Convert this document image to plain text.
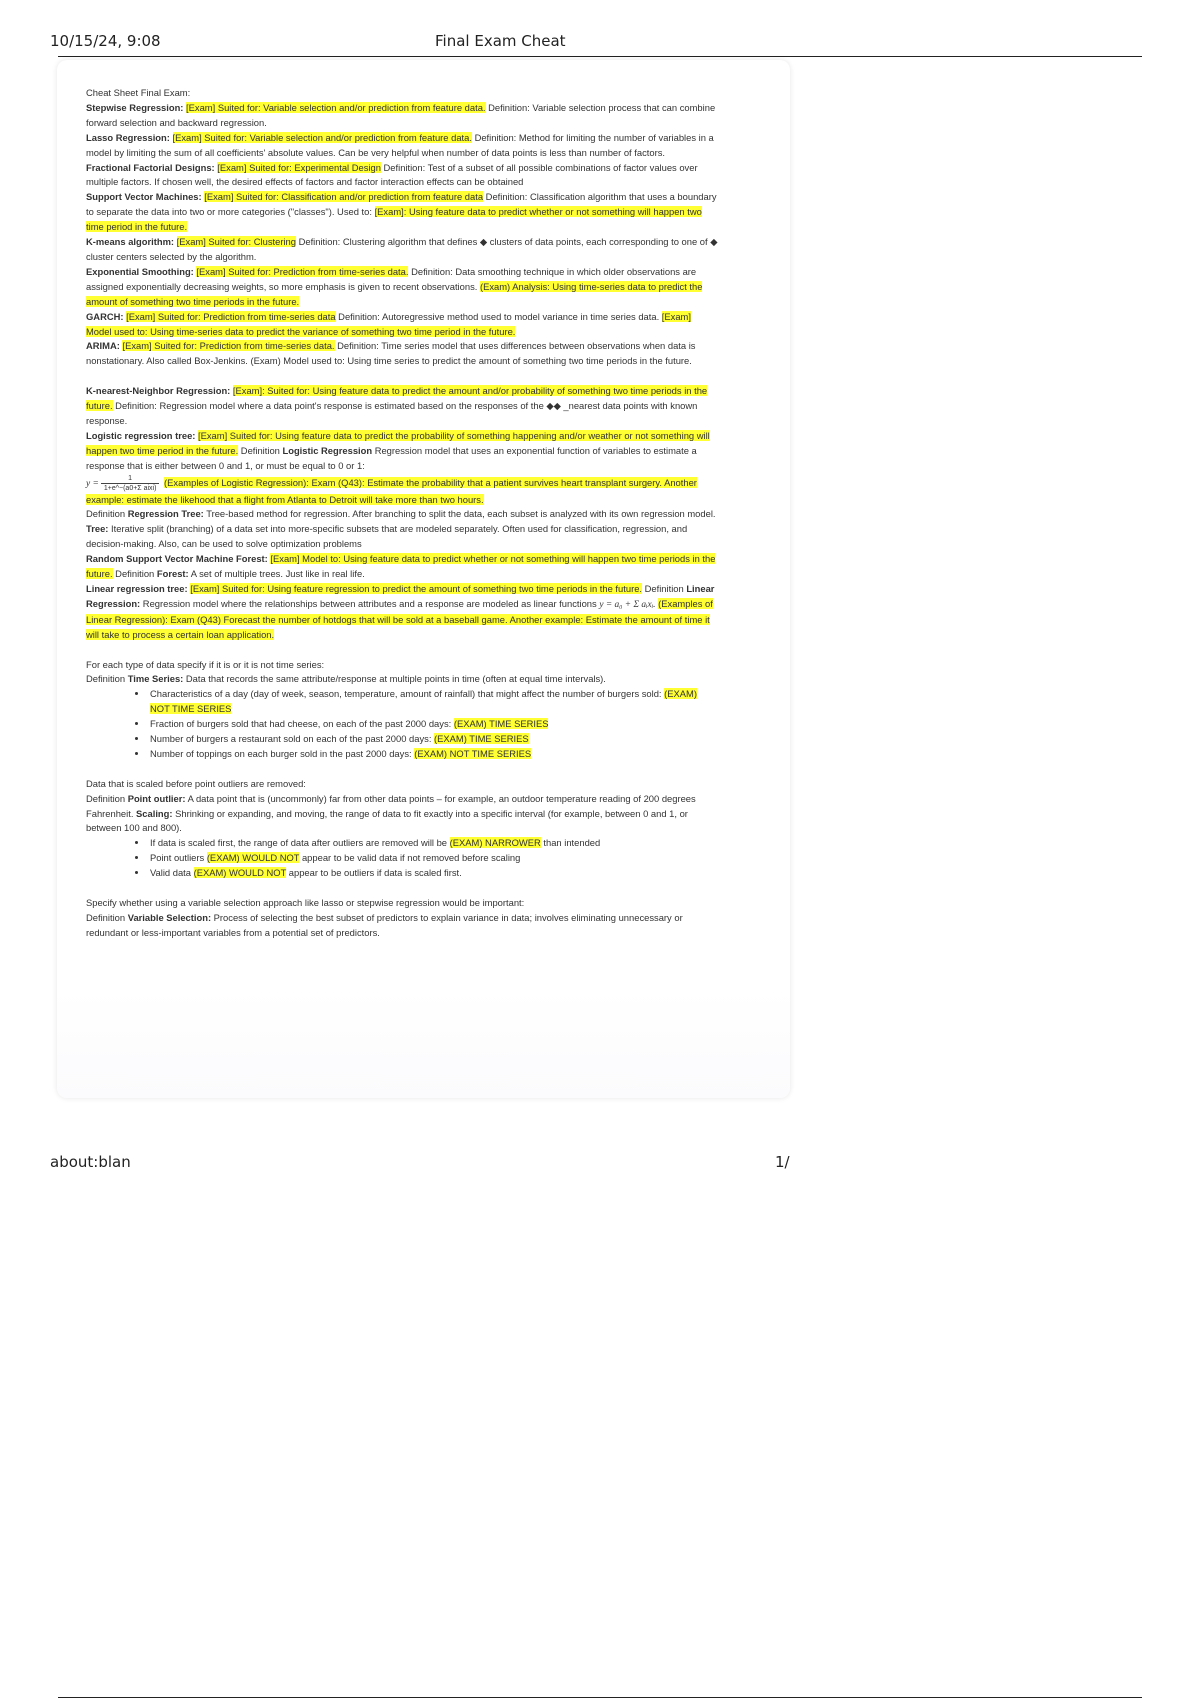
10/15/24, 9:08	Final Exam Cheat

Cheat Sheet Final Exam:

Stepwise Regression: [Exam] Suited for: Variable selection and/or prediction from feature data. Definition: Variable selection process that can combine forward selection and backward regression.

Lasso Regression: [Exam] Suited for: Variable selection and/or prediction from feature data. Definition: Method for limiting the number of variables in a model by limiting the sum of all coefficients' absolute values. Can be very helpful when number of data points is less than number of factors.

Fractional Factorial Designs: [Exam] Suited for: Experimental Design Definition: Test of a subset of all possible combinations of factor values over multiple factors. If chosen well, the desired effects of factors and factor interaction effects can be obtained

Support Vector Machines: [Exam] Suited for: Classification and/or prediction from feature data Definition: Classification algorithm that uses a boundary to separate the data into two or more categories ("classes"). Used to: [Exam]: Using feature data to predict whether or not something will happen two time period in the future.

K-means algorithm: [Exam] Suited for: Clustering Definition: Clustering algorithm that defines ◆ clusters of data points, each corresponding to one of ◆ cluster centers selected by the algorithm.

Exponential Smoothing: [Exam] Suited for: Prediction from time-series data. Definition: Data smoothing technique in which older observations are assigned exponentially decreasing weights, so more emphasis is given to recent observations. (Exam) Analysis: Using time-series data to predict the amount of something two time periods in the future.

GARCH: [Exam] Suited for: Prediction from time-series data Definition: Autoregressive method used to model variance in time series data. [Exam] Model used to: Using time-series data to predict the variance of something two time period in the future.

ARIMA: [Exam] Suited for: Prediction from time-series data. Definition: Time series model that uses differences between observations when data is nonstationary. Also called Box-Jenkins. (Exam) Model used to: Using time series to predict the amount of something two time periods in the future.

K-nearest-Neighbor Regression: [Exam]: Suited for: Using feature data to predict the amount and/or probability of something two time periods in the future. Definition: Regression model where a data point's response is estimated based on the responses of the ◆◆ _nearest data points with known response.

Logistic regression tree: [Exam] Suited for: Using feature data to predict the probability of something happening and/or weather or not something will happen two time period in the future. Definition Logistic Regression Regression model that uses an exponential function of variables to estimate a response that is either between 0 and 1, or must be equal to 0 or 1:

$y = \frac{1}{\text{1+e\textasciicircum{}−(a0+Σ aixi)}}$ (Examples of Logistic Regression): Exam (Q43): Estimate the probability that a patient survives heart transplant surgery. Another example: estimate the likehood that a flight from Atlanta to Detroit will take more than two hours.

Definition Regression Tree: Tree-based method for regression. After branching to split the data, each subset is analyzed with its own regression model. Tree: Iterative split (branching) of a data set into more-specific subsets that are modeled separately. Often used for classification, regression, and decision-making. Also, can be used to solve optimization problems

Random Support Vector Machine Forest: [Exam] Model to: Using feature data to predict whether or not something will happen two time periods in the future. Definition Forest: A set of multiple trees. Just like in real life.

Linear regression tree: [Exam] Suited for: Using feature regression to predict the amount of something two time periods in the future. Definition Linear Regression: Regression model where the relationships between attributes and a response are modeled as linear functions y = a₀ + Σ aᵢxᵢ. (Examples of Linear Regression): Exam (Q43) Forecast the number of hotdogs that will be sold at a baseball game. Another example: Estimate the amount of time it will take to process a certain loan application.

For each type of data specify if it is or it is not time series:

Definition Time Series: Data that records the same attribute/response at multiple points in time (often at equal time intervals).

• Characteristics of a day (day of week, season, temperature, amount of rainfall) that might affect the number of burgers sold: (EXAM) NOT TIME SERIES
• Fraction of burgers sold that had cheese, on each of the past 2000 days: (EXAM) TIME SERIES
• Number of burgers a restaurant sold on each of the past 2000 days: (EXAM) TIME SERIES
• Number of toppings on each burger sold in the past 2000 days: (EXAM) NOT TIME SERIES

Data that is scaled before point outliers are removed:

Definition Point outlier: A data point that is (uncommonly) far from other data points – for example, an outdoor temperature reading of 200 degrees Fahrenheit. Scaling: Shrinking or expanding, and moving, the range of data to fit exactly into a specific interval (for example, between 0 and 1, or between 100 and 800).

• If data is scaled first, the range of data after outliers are removed will be (EXAM) NARROWER than intended
• Point outliers (EXAM) WOULD NOT appear to be valid data if not removed before scaling
• Valid data (EXAM) WOULD NOT appear to be outliers if data is scaled first.

Specify whether using a variable selection approach like lasso or stepwise regression would be important:

Definition Variable Selection: Process of selecting the best subset of predictors to explain variance in data; involves eliminating unnecessary or redundant or less-important variables from a potential set of predictors.

about:blan	1/
